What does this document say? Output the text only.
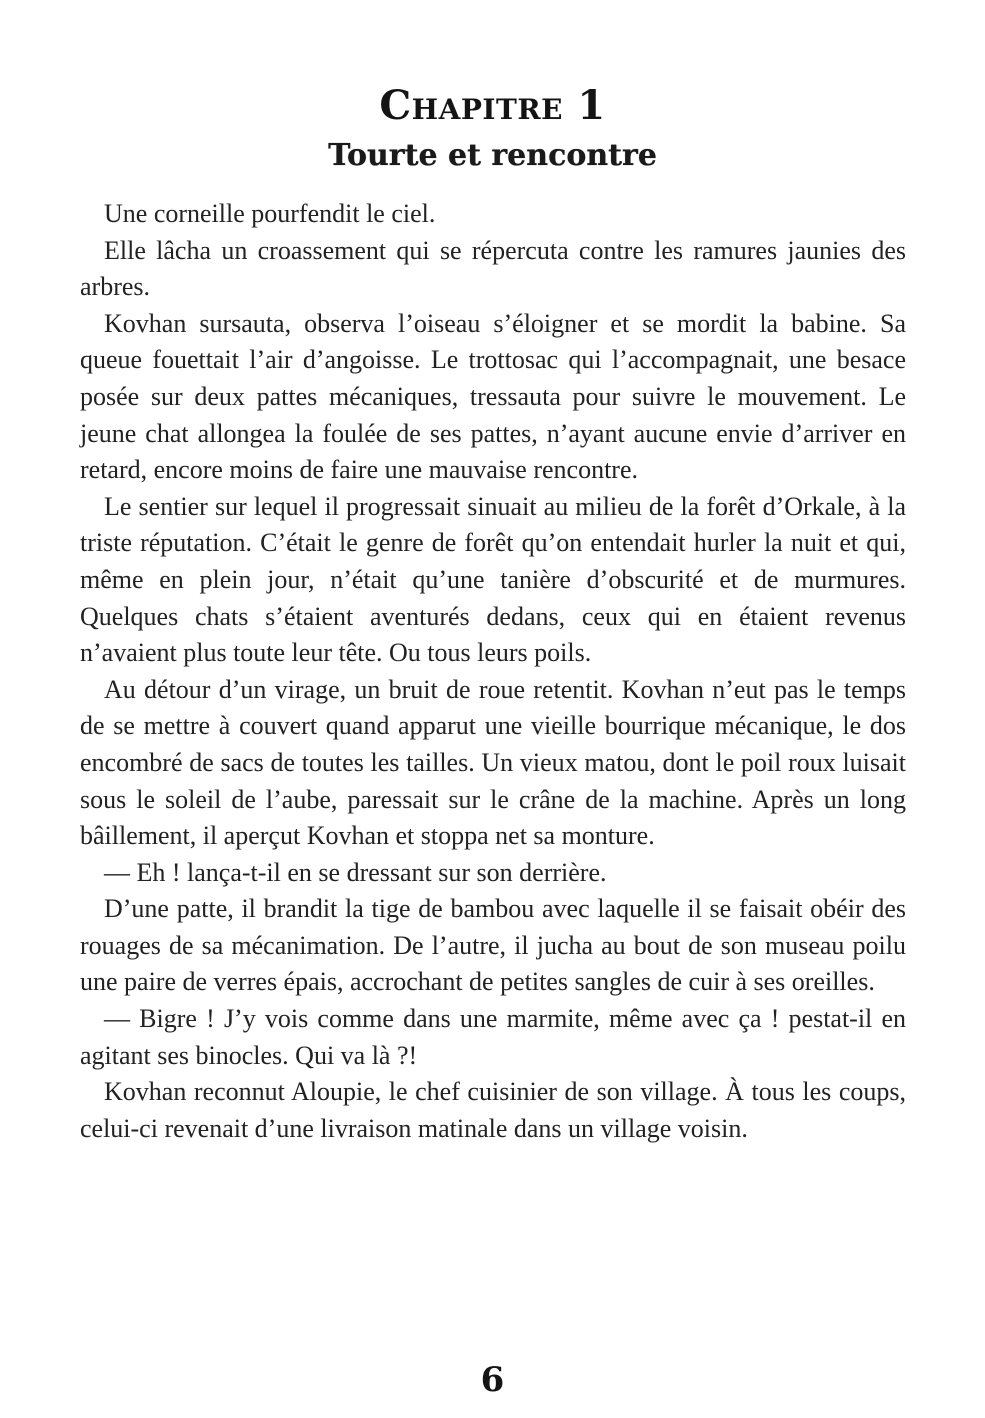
Chapitre 1
Tourte et rencontre

Une corneille pourfendit le ciel.

Elle lâcha un croassement qui se répercuta contre les ramures jaunies des arbres.

Kovhan sursauta, observa l’oiseau s’éloigner et se mordit la babine. Sa queue fouettait l’air d’angoisse. Le trottosac qui l’accompagnait, une besace posée sur deux pattes mécaniques, tressauta pour suivre le mouvement. Le jeune chat allongea la foulée de ses pattes, n’ayant aucune envie d’arriver en retard, encore moins de faire une mauvaise rencontre.

Le sentier sur lequel il progressait sinuait au milieu de la forêt d’Orkale, à la triste réputation. C’était le genre de forêt qu’on entendait hurler la nuit et qui, même en plein jour, n’était qu’une tanière d’obscurité et de murmures. Quelques chats s’étaient aventurés dedans, ceux qui en étaient revenus n’avaient plus toute leur tête. Ou tous leurs poils.

Au détour d’un virage, un bruit de roue retentit. Kovhan n’eut pas le temps de se mettre à couvert quand apparut une vieille bourrique mécanique, le dos encombré de sacs de toutes les tailles. Un vieux matou, dont le poil roux luisait sous le soleil de l’aube, paressait sur le crâne de la machine. Après un long bâillement, il aperçut Kovhan et stoppa net sa monture.

— Eh ! lança-t-il en se dressant sur son derrière.

D’une patte, il brandit la tige de bambou avec laquelle il se faisait obéir des rouages de sa mécanimation. De l’autre, il jucha au bout de son museau poilu une paire de verres épais, accrochant de petites sangles de cuir à ses oreilles.

— Bigre ! J’y vois comme dans une marmite, même avec ça ! pestat-il en agitant ses binocles. Qui va là ?!

Kovhan reconnut Aloupie, le chef cuisinier de son village. À tous les coups, celui-ci revenait d’une livraison matinale dans un village voisin.

6
